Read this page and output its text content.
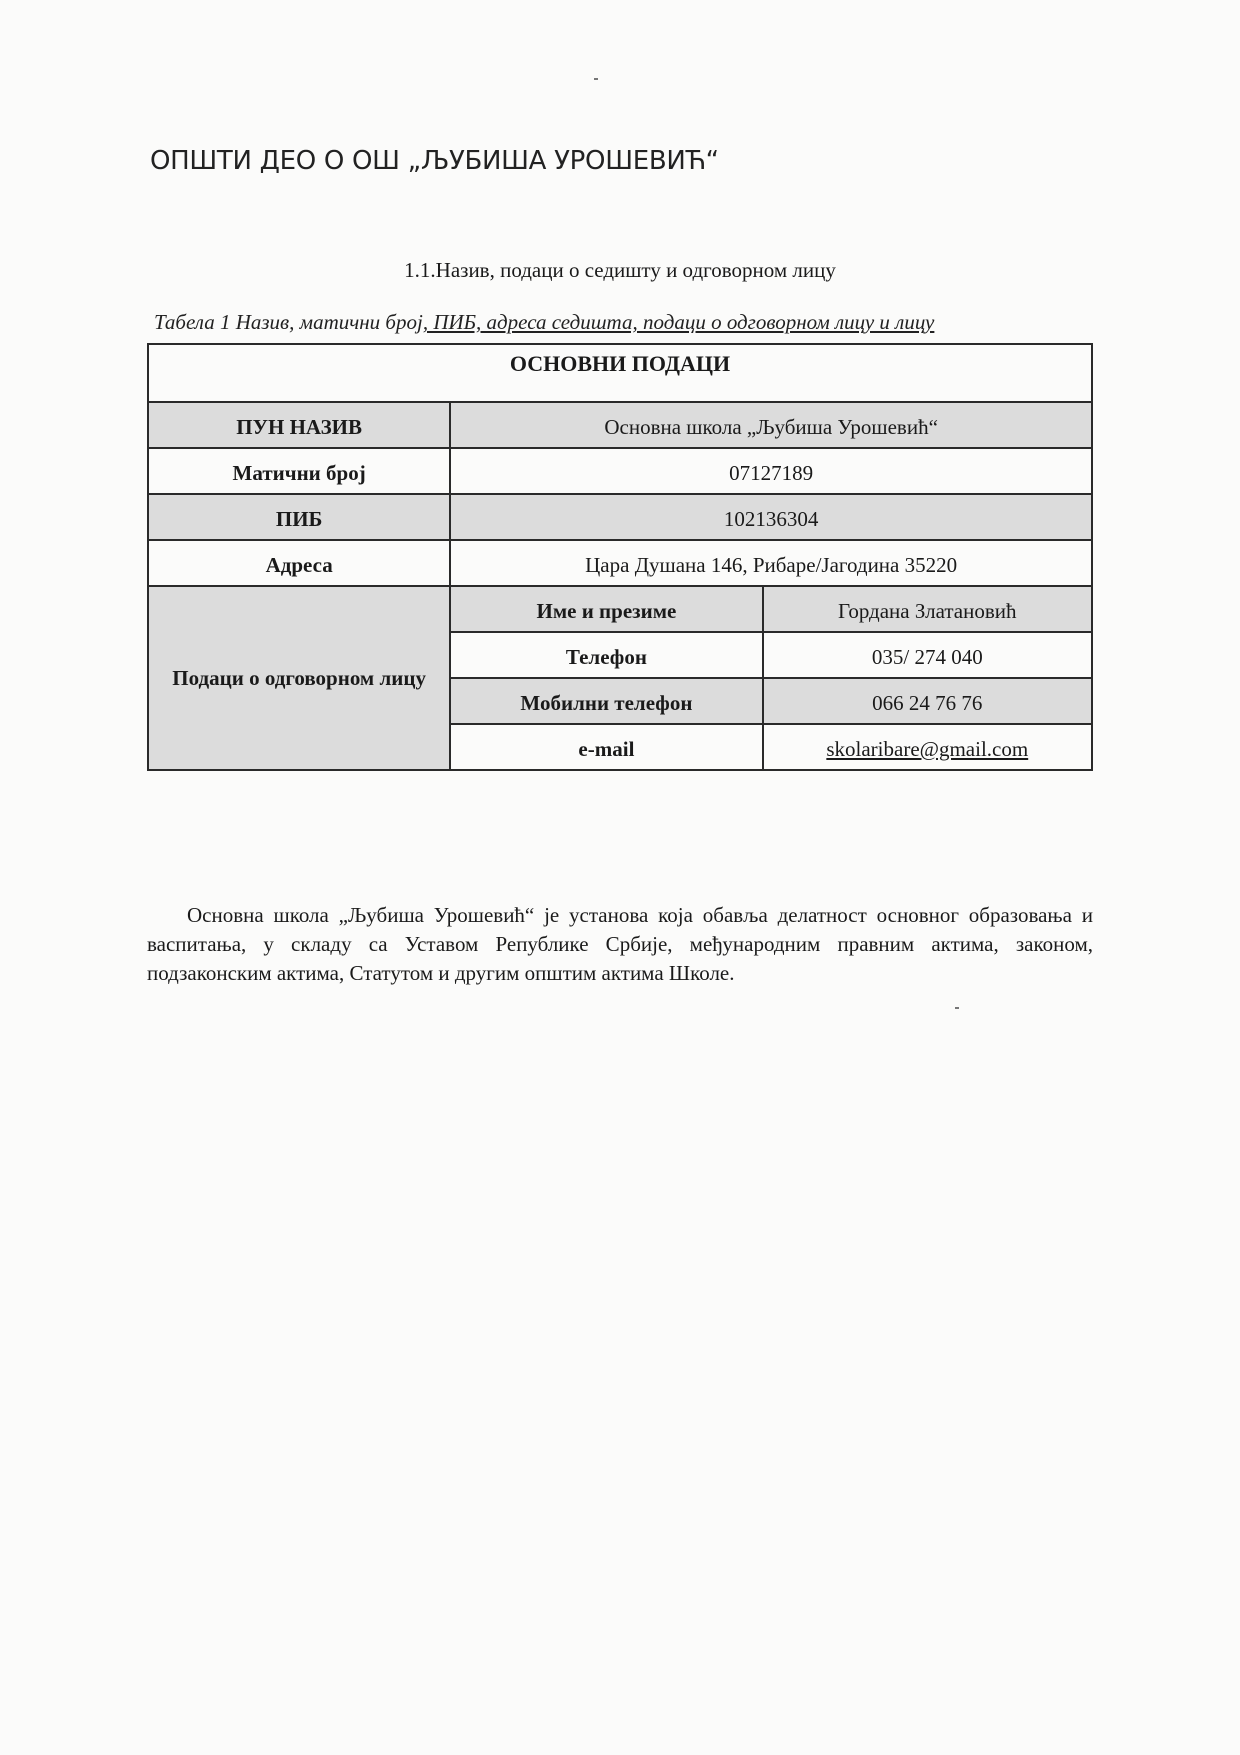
ОПШТИ ДЕО О ОШ „ЉУБИША УРОШЕВИЋ“
1.1.Назив, подаци о седишту и одговорном лицу
Табела 1 Назив, матични број, ПИБ, адреса седишта, подаци о одговорном лицу и лицу
ОСНОВНИ ПОДАЦИ		
ПУН НАЗИВ	Основна школа „Љубиша Урошевић“	
Матични број	07127189	
ПИБ	102136304	
Адреса	Цара Душана 146, Рибаре/Јагодина 35220	
Подаци о одговорном лицу	Име и презиме	Гордана Златановић
	Телефон	035/ 274 040
	Мобилни телефон	066 24 76 76
	e-mail	skolaribare@gmail.com

Основна школа „Љубиша Урошевић“ је установа која обавља делатност основног образовања и васпитања, у складу са Уставом Републике Србије, међународним правним актима, законом, подзаконским актима, Статутом и другим општим актима Школе.
